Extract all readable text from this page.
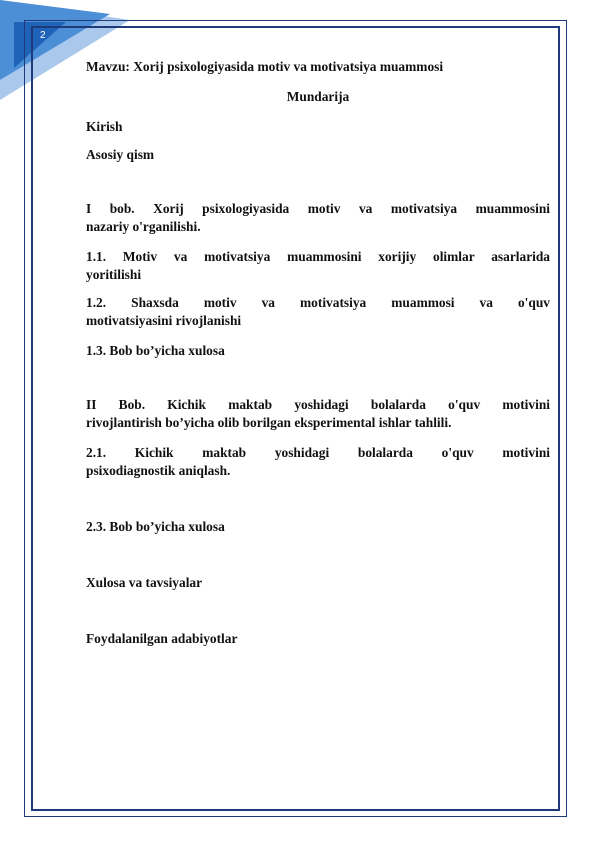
2
Mavzu: Xorij psixologiyasida motiv va motivatsiya muammosi
Mundarija
Kirish
Asosiy qism
I bob. Xorij psixologiyasida motiv va motivatsiya muammosini
nazariy o'rganilishi.
1.1. Motiv va motivatsiya muammosini xorijiy olimlar asarlarida
yoritilishi
1.2. Shaxsda motiv va motivatsiya muammosi va o'quv
motivatsiyasini rivojlanishi
1.3. Bob bo’yicha xulosa
II Bob. Kichik maktab yoshidagi bolalarda o'quv motivini
rivojlantirish bo’yicha olib borilgan eksperimental ishlar tahlili.
2.1. Kichik maktab yoshidagi bolalarda o'quv motivini
psixodiagnostik aniqlash.
2.3. Bob bo’yicha xulosa
Xulosa va tavsiyalar
Foydalanilgan adabiyotlar
